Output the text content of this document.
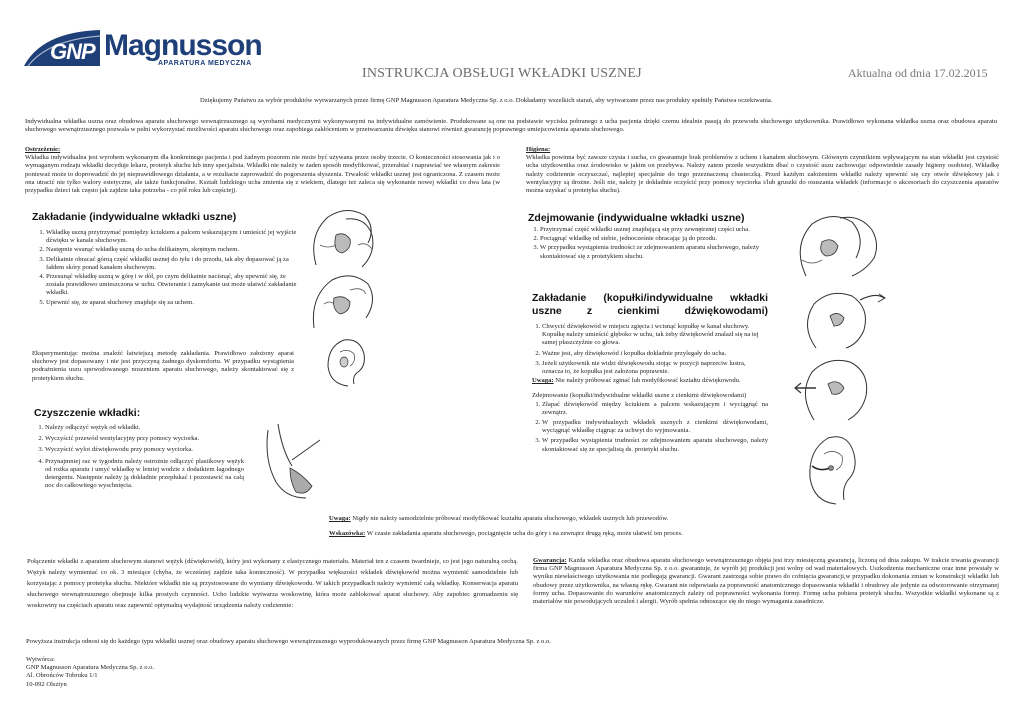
GNP Magnusson
APARATURA MEDYCZNA
INSTRUKCJA OBSŁUGI WKŁADKI USZNEJ	Aktualna od dnia 17.02.2015
Dziękujemy Państwu za wybór produktów wytwarzanych przez firmę GNP Magnusson Aparatura Medyczna Sp. z o.o. Dokładamy wszelkich starań, aby wytwarzane przez nas produkty spełniły Państwa oczekiwania.
Indywidualna wkładka uszna oraz obudowa aparatu słuchowego wewnątrzusznego są wyrobami medycznymi wykonywanymi na indywidualne zamówienie. Produkowane są one na podstawie wycisku pobranego z ucha pacjenta dzięki czemu idealnie pasują do przewodu słuchowego użytkownika. Prawidłowo wykonana wkładka uszna oraz obudowa aparatu słuchowego wewnątrzusznego pozwala w pełni wykorzystać możliwości aparatu słuchowego oraz zapobiega zakłóceniom w przetwarzaniu dźwięku stanowi również gwarancję poprawnego umiejscowienia aparatu słuchowego.
Ostrzeżenie:
Wkładka indywidualna jest wyrobem wykonanym dla konkretnego pacjenta i pod żadnym pozorem nie może być używana przez osoby trzecie. O konieczności stosowania jak i o wymaganym rodzaju wkładki decyduje lekarz, protetyk słuchu lub inny specjalista. Wkładki nie należy w żaden sposób modyfikować, przerabiać i naprawiać we własnym zakresie ponieważ może to doprowadzić do jej nieprawidłowego działania, a w rezultacie zaprowadzić do pogorszenia słyszenia. Trwałość wkładki usznej jest ograniczona. Z czasem może ona utracić nie tylko walory estetyczne, ale także funkcjonalne. Kształt ludzkiego ucha zmienia się z wiekiem, dlatego też zaleca się wykonanie nowej wkładki co dwa lata (w przypadku dzieci tak często jak zajdzie taka potrzeba - co pół roku lub częściej).
Higiena:
Wkładka powinna być zawsze czysta i sucha, co gwarantuje brak problemów z uchem i kanałem słuchowym. Głównym czynnikiem wpływającym na stan wkładki jest czystość ucha użytkownika oraz środowisko w jakim on przebywa. Należy zatem przede wszystkim dbać o czystość uszu zachowując odpowiednie zasady higieny osobistej. Wkładkę należy codziennie oczyszczać, najlepiej specjalnie do tego przeznaczoną chusteczką. Przed każdym założeniem wkładki należy upewnić się czy otwór dźwiękowy jak i wentylacyjny są drożne. Jeśli nie, należy je dokładnie oczyścić przy pomocy wyciorka i/lub gruszki do osuszania wkładek (informacje o akcesoriach do czyszczenia aparatów można uzyskać u protetyka słuchu).
Zakładanie (indywidualne wkładki uszne)
1. Wkładkę uszną przytrzymać pomiędzy kciukiem a palcem wskazującym i umieścić jej wyjście dźwięku w kanale słuchowym.
2. Następnie wsunąć wkładkę uszną do ucha delikatnym, skrętnym ruchem.
3. Delikatnie obracać górną część wkładki usznej do tyłu i do przodu, tak aby dopasować ją za fałdem skóry ponad kanałem słuchowym.
4. Przesunąć wkładkę uszną w górę i w dół, po czym delikatnie nacisnąć, aby upewnić się, że została prawidłowo umieszczona w uchu. Otwieranie i zamykanie ust może ułatwić zakładanie wkładki.
5. Upewnić się, że aparat słuchowy znajduje się za uchem.
Eksperymentując można znaleźć łatwiejszą metodę zakładania. Prawidłowo założony aparat słuchowy jest dopasowany i nie jest przyczyną żadnego dyskomfortu. W przypadku wystąpienia podrażnienia uszu spowodowanego noszeniem aparatu słuchowego, należy skontaktować się z protetykiem słuchu.
Czyszczenie wkładki:
1. Należy odłączyć wężyk od wkładki.
2. Wyczyścić przewód wentylacyjny przy pomocy wyciorka.
3. Wyczyścić wylot dźwiękowodu przy pomocy wyciorka.
4. Przynajmniej raz w tygodniu należy ostrożnie odłączyć plastikowy wężyk od rożka aparatu i umyć wkładkę w letniej wodzie z dodatkiem łagodnego detergentu. Następnie należy ją dokładnie przepłukać i pozostawić na całą noc do całkowitego wyschnięcia.
Zdejmowanie (indywidualne wkładki uszne)
1. Przytrzymać część wkładki usznej znajdującą się przy zewnętrznej części ucha.
2. Pociągnąć wkładkę od siebie, jednocześnie obracając ją do przodu.
3. W przypadku wystąpienia trudności ze zdejmowaniem aparatu słuchowego, należy skontaktować się z protetykiem słuchu.
Zakładanie (kopułki/indywidualne wkładki uszne z cienkimi dźwiękowodami)
1. Chwycić dźwiękowód w miejscu zgięcia i wcisnąć kopułkę w kanał słuchowy. Kopułkę należy umieścić głęboko w uchu, tak żeby dźwiękowód znalazł się na tej samej płaszczyźnie co głowa.
2. Ważne jest, aby dźwiękowód i kopułka dokładnie przylegały do ucha.
3. Jeżeli użytkownik nie widzi dźwiękowodu stojąc w pozycji naprzeciw lustra, oznacza to, że kopułka jest założona poprawnie.
Uwaga: Nie należy próbować zginać lub modyfikować kształtu dźwiękowodu.
Zdejmowanie (kopułki/indywidualne wkładki uszne z cienkimi dźwiękowodami)
1. Złapać dźwiękowód między kciukiem a palcem wskazującym i wyciągnąć na zewnątrz.
2. W przypadku indywidualnych wkładek usznych z cienkimi dźwiękowodami, wyciągnąć wkładkę ciągnąc za uchwyt do wyjmowania.
3. W przypadku wystąpienia trudności ze zdejmowaniem aparatu słuchowego, należy skontaktować się ze specjalistą ds. protetyki słuchu.
Uwaga: Nigdy nie należy samodzielnie próbować modyfikować kształtu aparatu słuchowego, wkładek usznych lub przewodów.
Wskazówka: W czasie zakładania aparatu słuchowego, pociągnięcie ucha do góry i na zewnątrz drugą ręką, może ułatwić ten proces.
Połączenie wkładki z aparatem słuchowym stanowi wężyk (dźwiękowód), który jest wykonany z elastycznego materiału. Materiał ten z czasem twardnieje, co jest jego naturalną cechą. Wężyk należy wymieniać co ok. 3 miesiące (chyba, że wcześniej zajdzie taka konieczność). W przypadku większości wkładek dźwiękowód można wymienić samodzielnie lub korzystając z pomocy protetyka słuchu. Niektóre wkładki nie są przystosowane do wymiany dźwiękowodu. W takich przypadkach należy wymienić całą wkładkę. Konserwacja aparatu słuchowego wewnątrzusznego obejmuje kilka prostych czynności. Ucho ludzkie wytwarza woskowinę, która może zablokować aparat słuchowy. Aby zapobiec gromadzeniu się woskowiny na częściach aparatu oraz zapewnić optymalną wydajność urządzenia należy codziennie:
Gwarancja: Każda wkładka oraz obudowa aparatu słuchowego wewnątrzusznego objęta jest trzy miesięczną gwarancją, liczoną od dnia zakupu. W trakcie trwania gwarancji firma GNP Magnusson Aparatura Medyczna Sp. z o.o. gwarantuje, że wyrób jej produkcji jest wolny od wad materiałowych. Uszkodzenia mechaniczne oraz inne powstały w wyniku niewłaściwego użytkowania nie podlegają gwarancji. Gwarant zastrzega sobie prawo do cofnięcia gwarancji,w przypadku dokonania zmian w konstrukcji wkładki lub obudowy przez użytkownika, na własną rękę. Gwarant nie odpowiada za poprawność anatomicznego dopasowania wkładki i obudowy ale jedynie za odwzorowanie otrzymanej formy ucha. Dopasowanie do warunków anatomicznych zależy od poprawności wykonania formy. Formę ucha pobiera protetyk słuchu. Wszystkie wkładki wykonane są z materiałów nie powodujących uczuleń i alergii. Wyrób spełnia odnoszące się do niego wymagania zasadnicze.
Powyższa instrukcja odnosi się do każdego typu wkładki usznej oraz obudowy aparatu słuchowego wewnątrzusznego wyprodukowanych przez firmę GNP Magnusson Aparatura Medyczna Sp. z o.o.
Wytwórca:
GNP Magnusson Aparatura Medyczna Sp. z o.o.
Al. Obrońców Tobruku 1/1
10-092 Olsztyn
